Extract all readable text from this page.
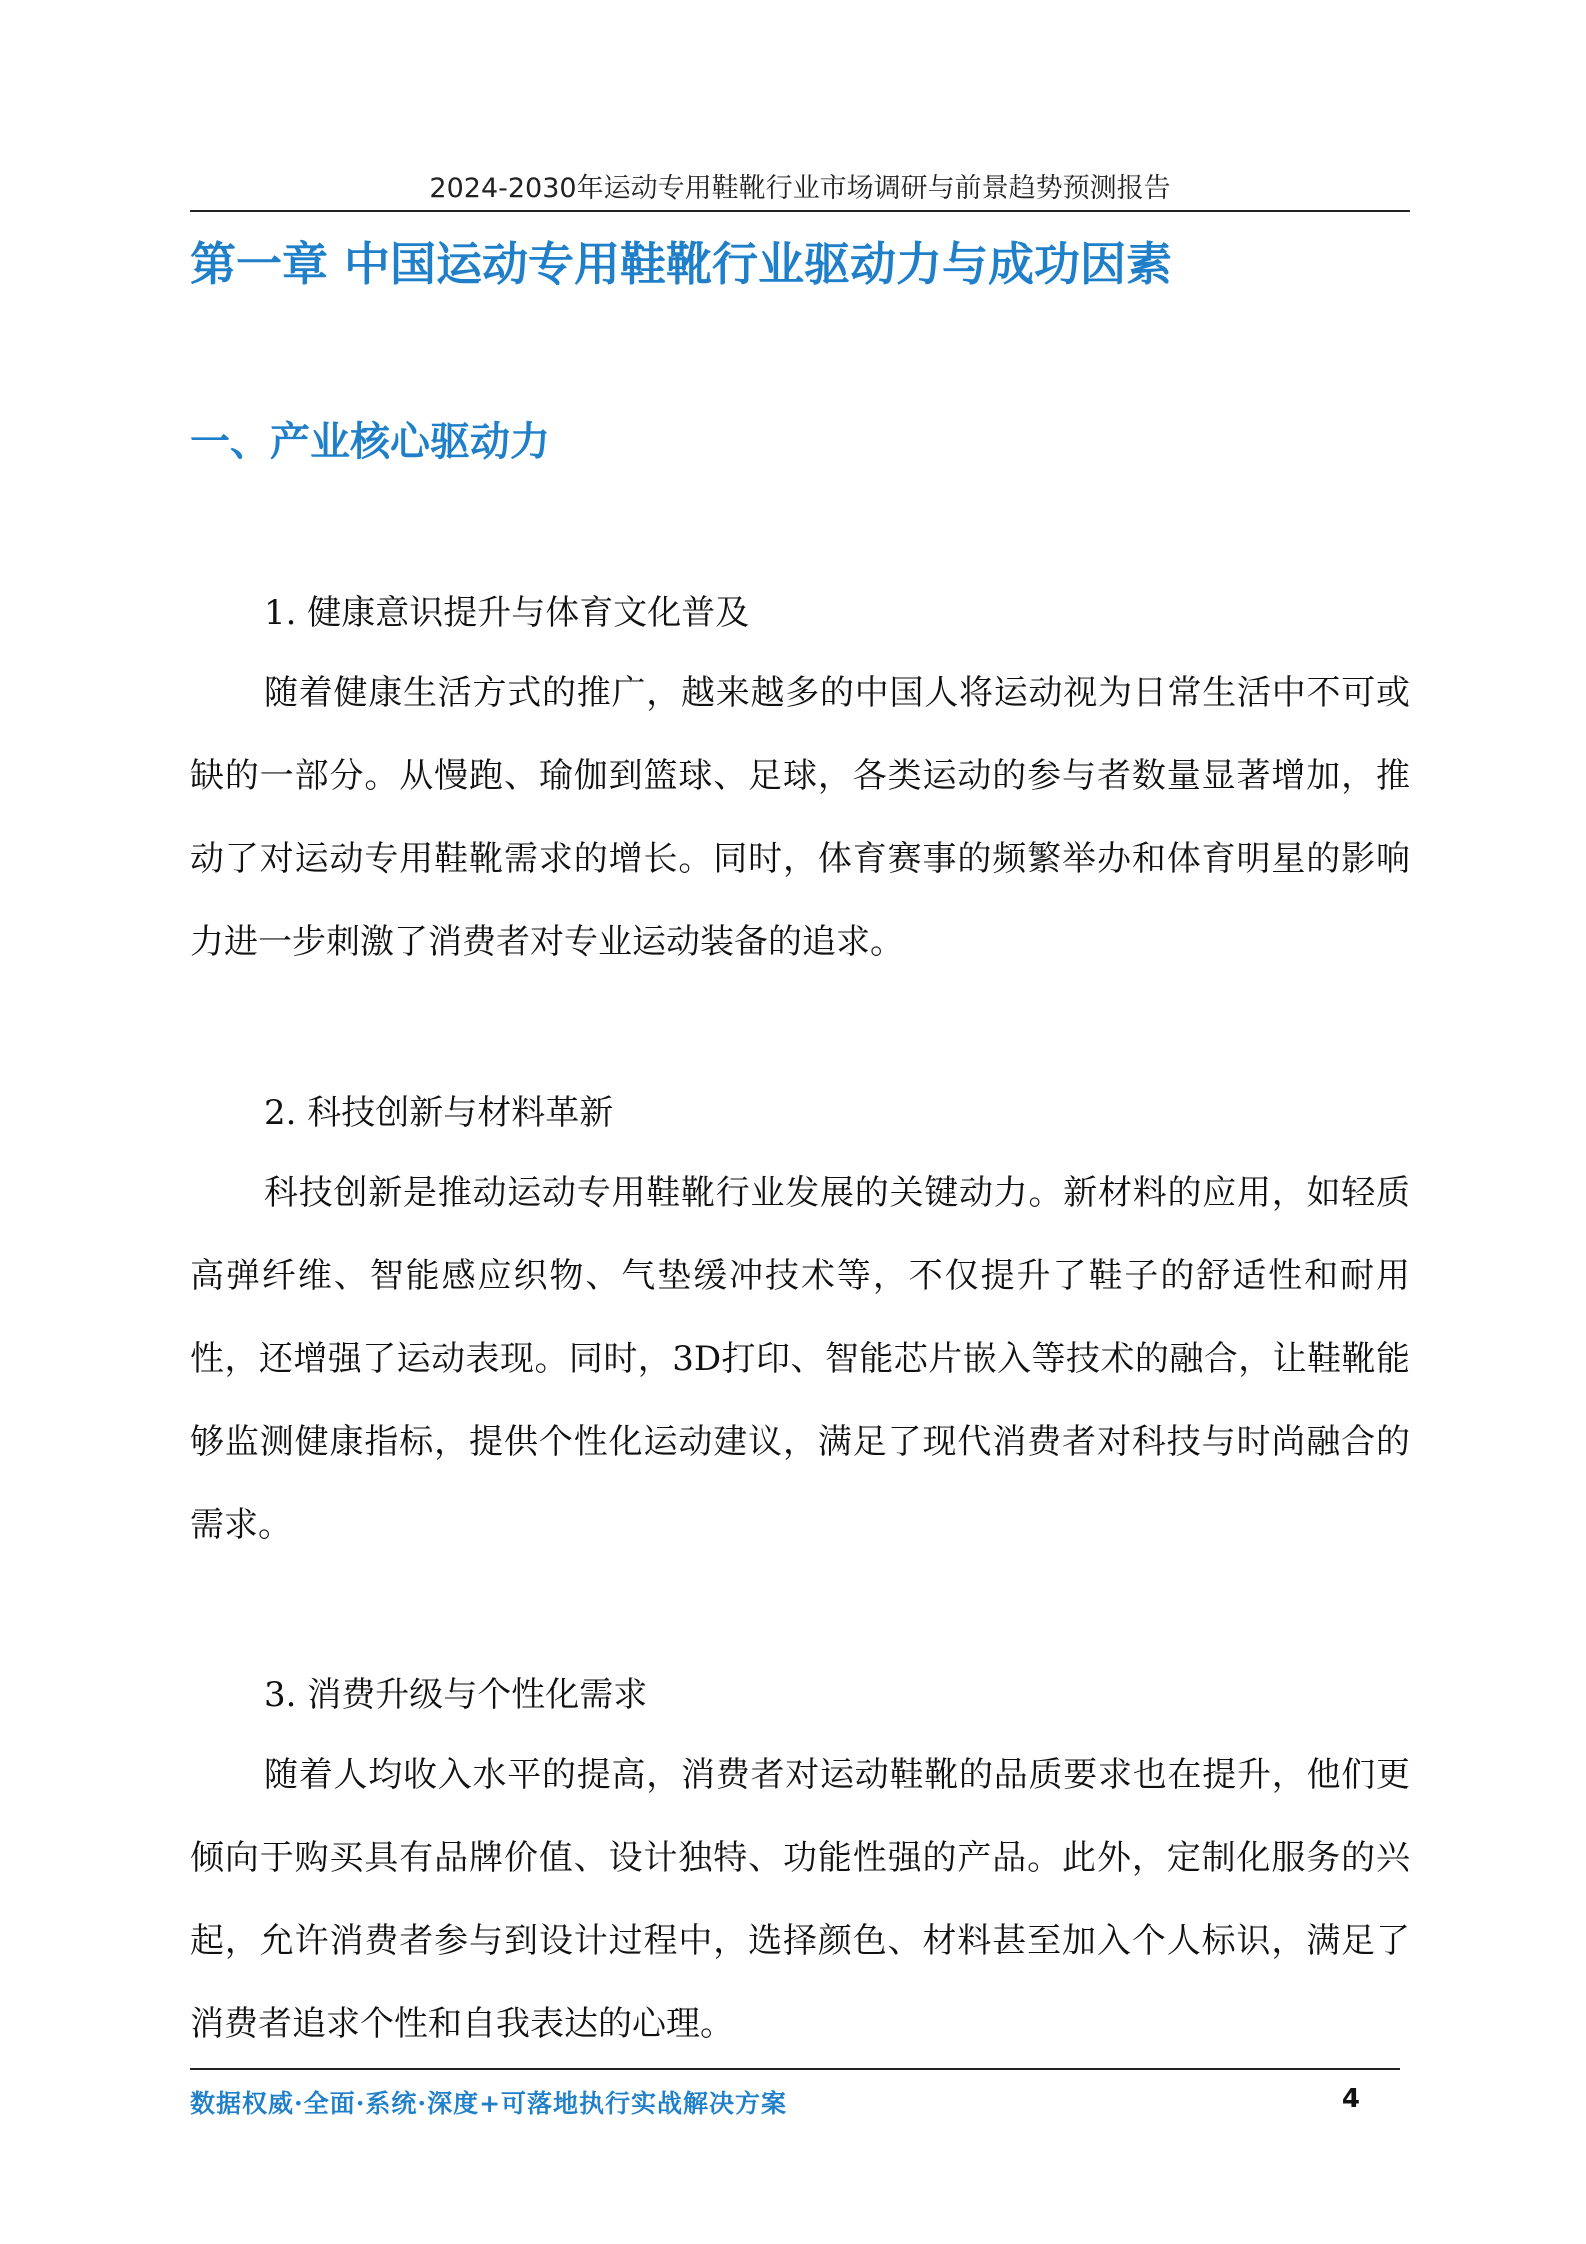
2024-2030年运动专用鞋靴行业市场调研与前景趋势预测报告
第一章 中国运动专用鞋靴行业驱动力与成功因素
一、产业核心驱动力
1. 健康意识提升与体育文化普及

随着健康生活方式的推广，越来越多的中国人将运动视为日常生活中不可或缺的一部分。从慢跑、瑜伽到篮球、足球，各类运动的参与者数量显著增加，推动了对运动专用鞋靴需求的增长。同时，体育赛事的频繁举办和体育明星的影响力进一步刺激了消费者对专业运动装备的追求。

2. 科技创新与材料革新

科技创新是推动运动专用鞋靴行业发展的关键动力。新材料的应用，如轻质高弹纤维、智能感应织物、气垫缓冲技术等，不仅提升了鞋子的舒适性和耐用性，还增强了运动表现。同时，3D打印、智能芯片嵌入等技术的融合，让鞋靴能够监测健康指标，提供个性化运动建议，满足了现代消费者对科技与时尚融合的需求。

3. 消费升级与个性化需求

随着人均收入水平的提高，消费者对运动鞋靴的品质要求也在提升，他们更倾向于购买具有品牌价值、设计独特、功能性强的产品。此外，定制化服务的兴起，允许消费者参与到设计过程中，选择颜色、材料甚至加入个人标识，满足了消费者追求个性和自我表达的心理。

数据权威·全面·系统·深度+可落地执行实战解决方案	4
